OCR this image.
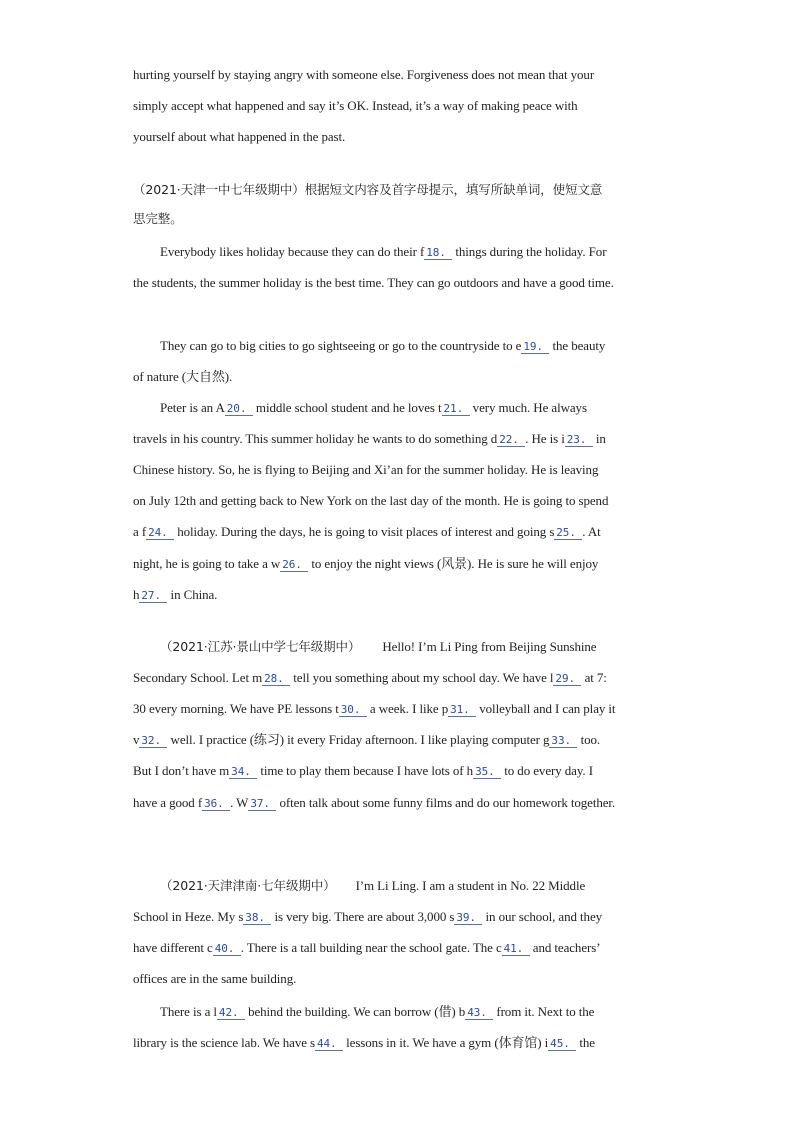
hurting yourself by staying angry with someone else. Forgiveness does not mean that your
simply accept what happened and say it’s OK. Instead, it’s a way of making peace with
yourself about what happened in the past.
（2021·天津一中七年级期中）根据短文内容及首字母提示，填写所缺单词，使短文意
思完整。
Everybody likes holiday because they can do their f 18. things during the holiday. For
the students, the summer holiday is the best time. They can go outdoors and have a good time.
They can go to big cities to go sightseeing or go to the countryside to e 19. the beauty
of nature (大自然).
Peter is an A 20. middle school student and he loves t 21. very much. He always
travels in his country. This summer holiday he wants to do something d 22. . He is i 23. in
Chinese history. So, he is flying to Beijing and Xi’an for the summer holiday. He is leaving
on July 12th and getting back to New York on the last day of the month. He is going to spend
a f 24. holiday. During the days, he is going to visit places of interest and going s 25. . At
night, he is going to take a w 26. to enjoy the night views (风景). He is sure he will enjoy
h 27. in China.
（2021·江苏·景山中学七年级期中） Hello! I’m Li Ping from Beijing Sunshine
Secondary School. Let m 28. tell you something about my school day. We have l 29. at 7:
30 every morning. We have PE lessons t 30. a week. I like p 31. volleyball and I can play it
v 32. well. I practice (练习) it every Friday afternoon. I like playing computer g 33. too.
But I don’t have m 34. time to play them because I have lots of h 35. to do every day. I
have a good f 36. . W 37. often talk about some funny films and do our homework together.
（2021·天津津南·七年级期中） I’m Li Ling. I am a student in No. 22 Middle
School in Heze. My s 38. is very big. There are about 3,000 s 39. in our school, and they
have different c 40. . There is a tall building near the school gate. The c 41. and teachers’
offices are in the same building.
There is a l 42. behind the building. We can borrow (借) b 43. from it. Next to the
library is the science lab. We have s 44. lessons in it. We have a gym (体育馆) i 45. the
